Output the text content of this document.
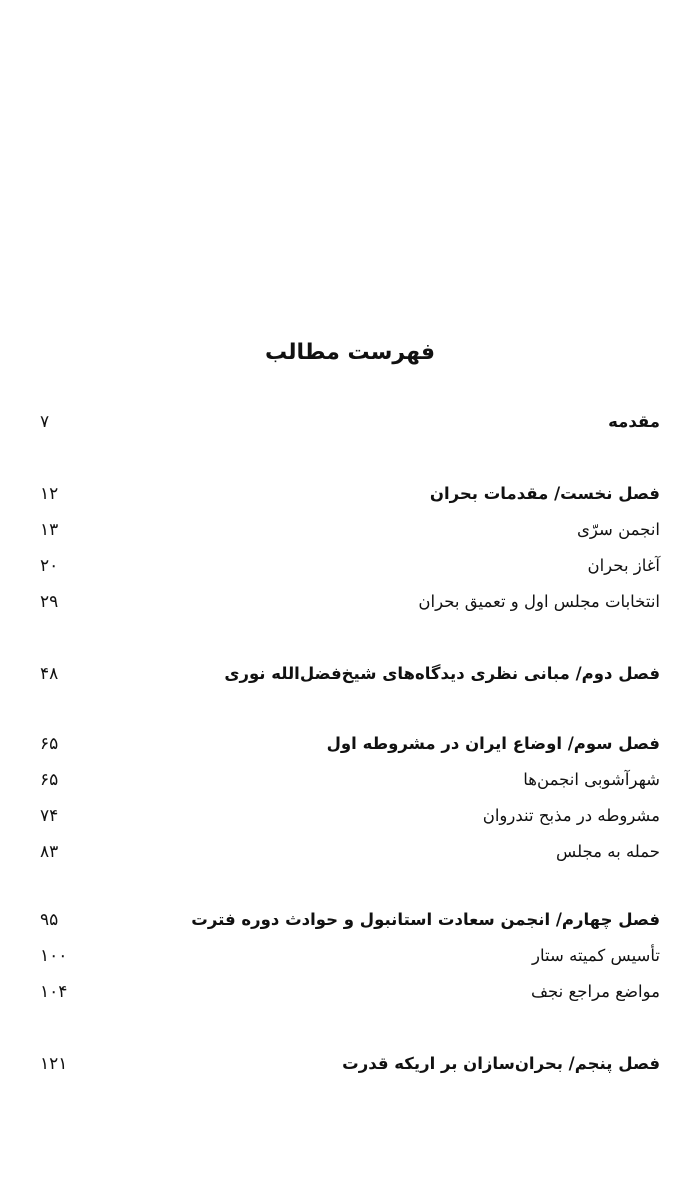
فهرست مطالب
مقدمه
۷
فصل نخست/ مقدمات بحران
۱۲
انجمن سرّی
۱۳
آغاز بحران
۲۰
انتخابات مجلس اول و تعمیق بحران
۲۹
فصل دوم/ مبانی نظری دیدگاه‌های شیخ‌فضل‌الله نوری
۴۸
فصل سوم/ اوضاع ایران در مشروطه اول
۶۵
شهرآشوبی انجمن‌ها
۶۵
مشروطه در مذبح تندروان
۷۴
حمله به مجلس
۸۳
فصل چهارم/ انجمن سعادت استانبول و حوادث دوره فترت
۹۵
تأسیس کمیته ستار
۱۰۰
مواضع مراجع نجف
۱۰۴
فصل پنجم/ بحران‌سازان بر اریکه قدرت
۱۲۱
